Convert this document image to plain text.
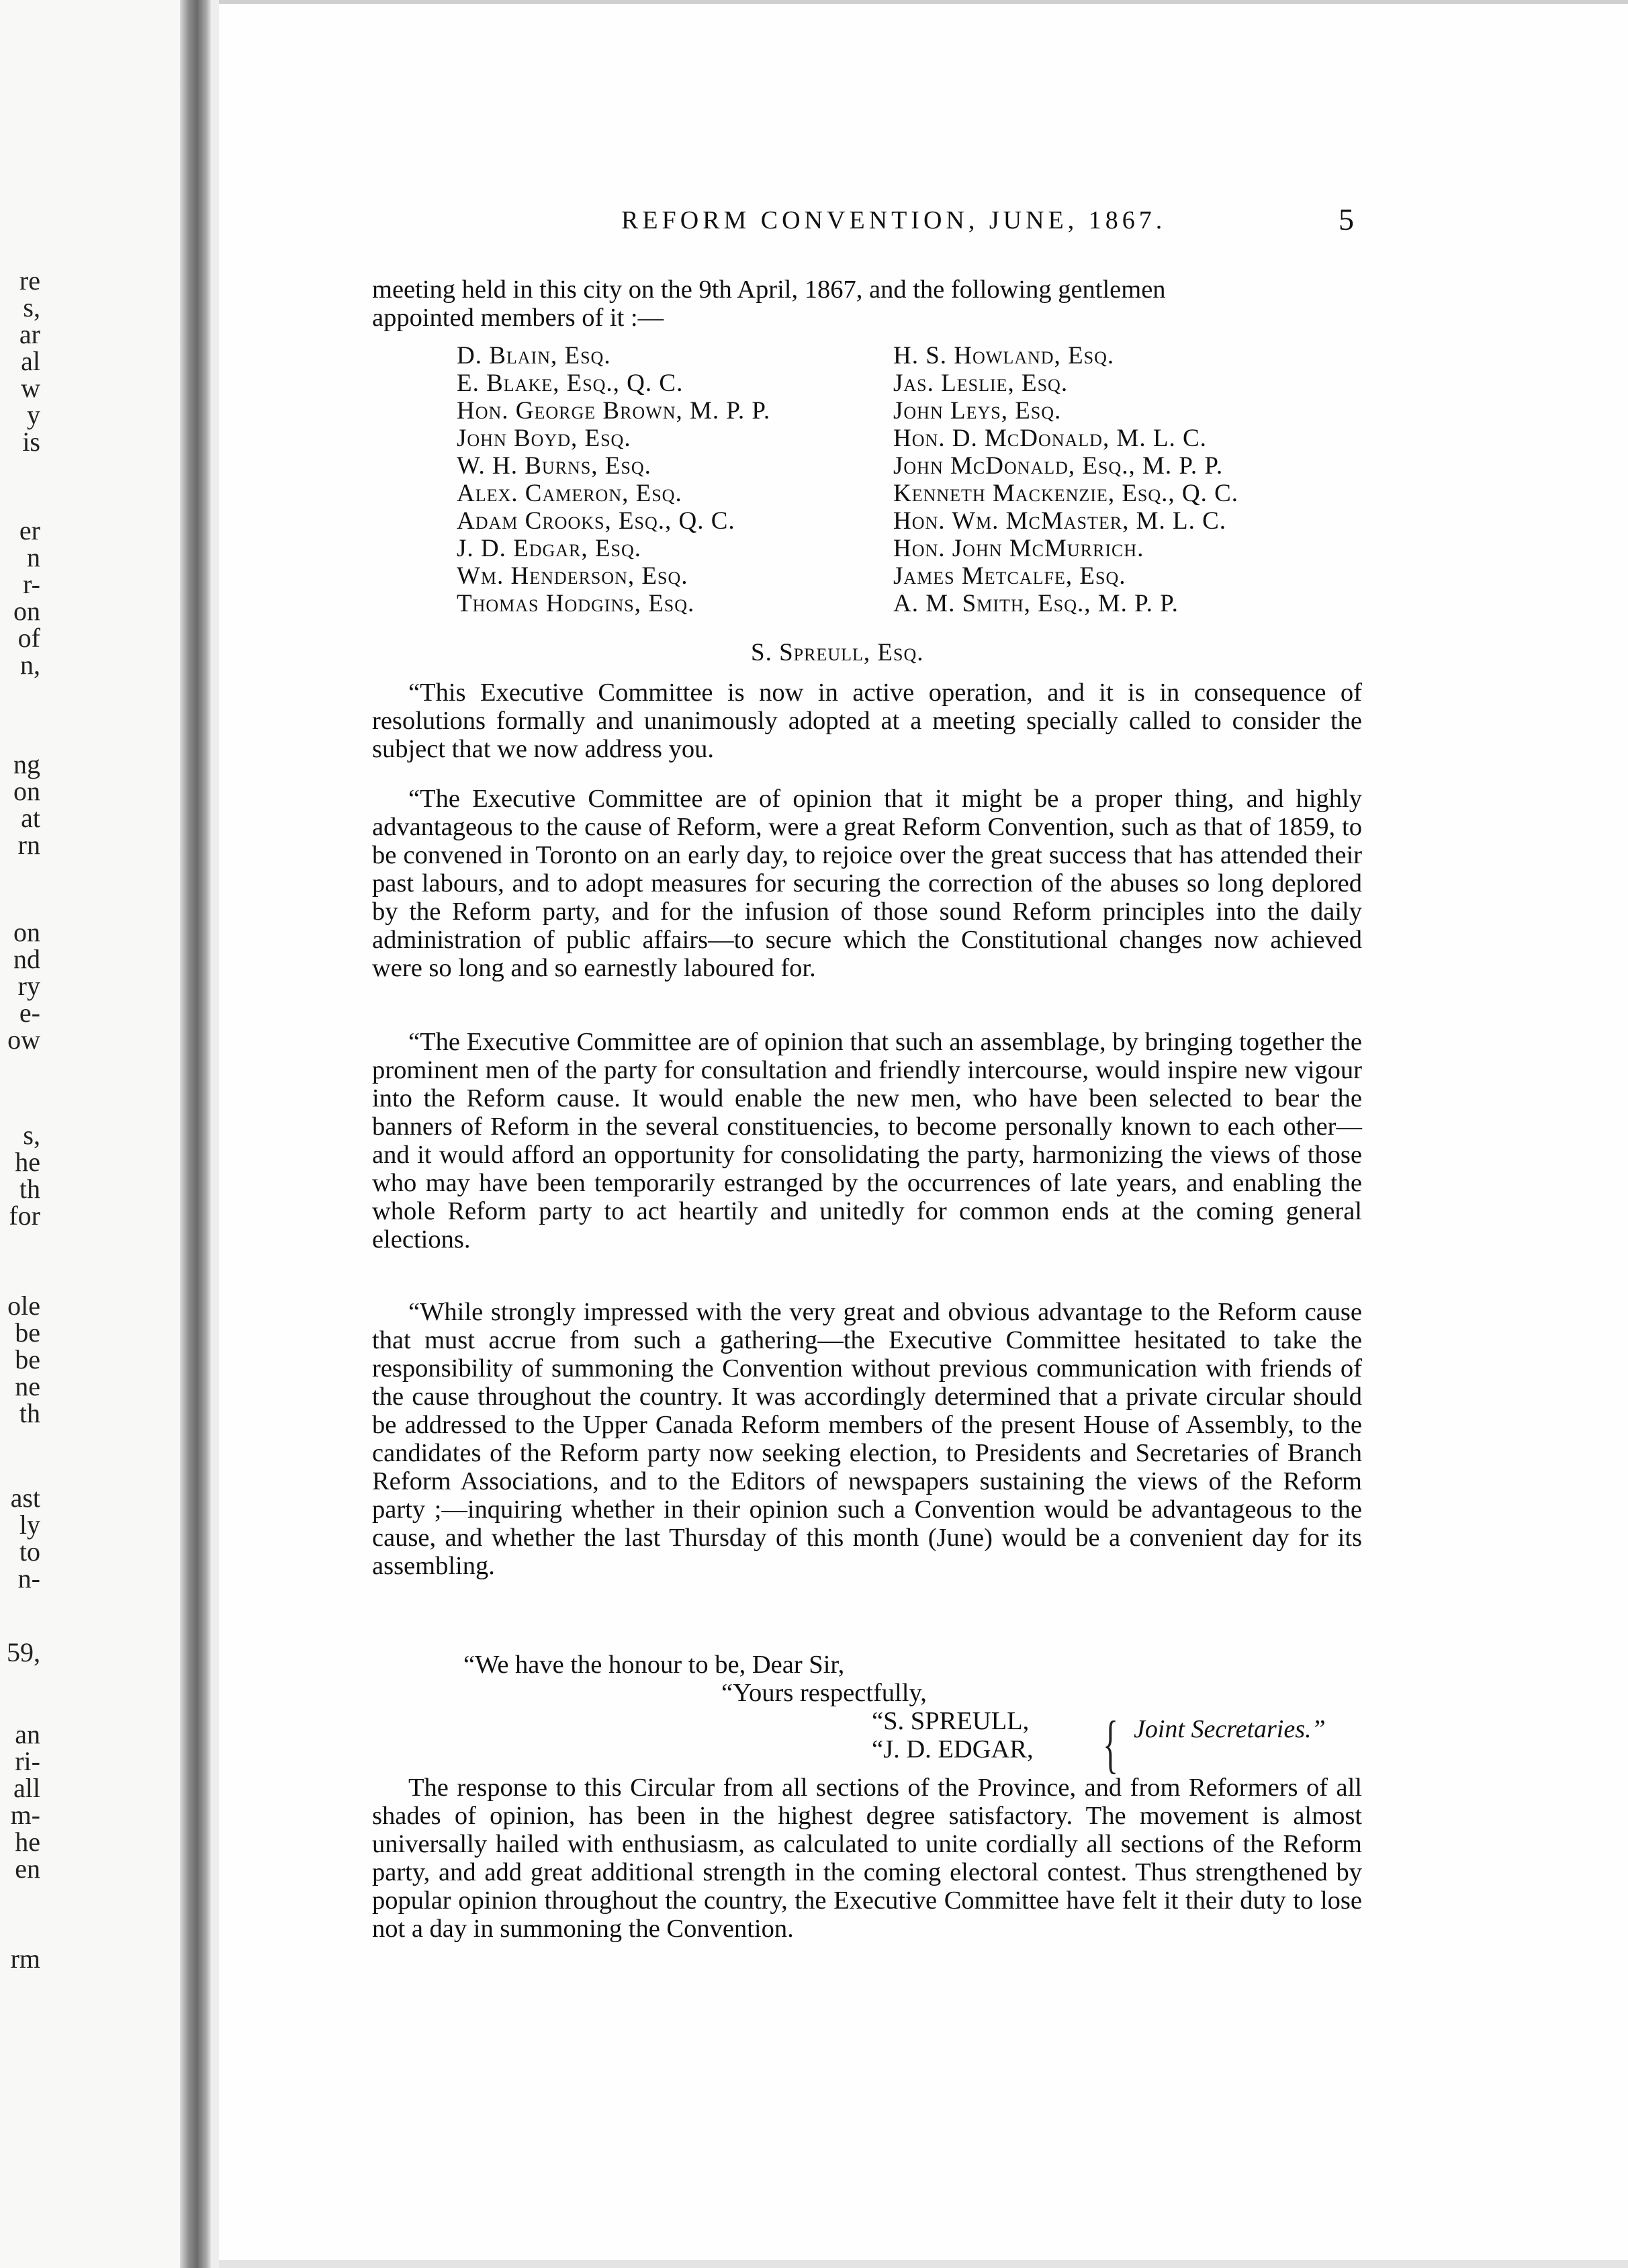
re
s,
ar
al
w
y
is
er
n
r-
on
of
n,
ng
on
at
rn
on
nd
ry
e-
ow
s,
he
th
for
ole
be
be
ne
th
ast
ly
to
n-
59,
an
ri-
all
m-
he
en
rm
REFORM CONVENTION, JUNE, 1867.	5
meeting held in this city on the 9th April, 1867, and the following gentlemen
appointed members of it :—
D. Blain, Esq.
E. Blake, Esq., Q. C.
Hon. George Brown, M. P. P.
John Boyd, Esq.
W. H. Burns, Esq.
Alex. Cameron, Esq.
Adam Crooks, Esq., Q. C.
J. D. Edgar, Esq.
Wm. Henderson, Esq.
Thomas Hodgins, Esq.
H. S. Howland, Esq.
Jas. Leslie, Esq.
John Leys, Esq.
Hon. D. McDonald, M. L. C.
John McDonald, Esq., M. P. P.
Kenneth Mackenzie, Esq., Q. C.
Hon. Wm. McMaster, M. L. C.
Hon. John McMurrich.
James Metcalfe, Esq.
A. M. Smith, Esq., M. P. P.
S. Spreull, Esq.
“This Executive Committee is now in active operation, and it is in consequence of resolutions formally and unanimously adopted at a meeting specially called to consider the subject that we now address you.
“The Executive Committee are of opinion that it might be a proper thing, and highly advantageous to the cause of Reform, were a great Reform Convention, such as that of 1859, to be convened in Toronto on an early day, to rejoice over the great success that has attended their past labours, and to adopt measures for securing the correction of the abuses so long deplored by the Reform party, and for the infusion of those sound Reform principles into the daily administration of public affairs—to secure which the Constitutional changes now achieved were so long and so earnestly laboured for.
“The Executive Committee are of opinion that such an assemblage, by bringing together the prominent men of the party for consultation and friendly intercourse, would inspire new vigour into the Reform cause. It would enable the new men, who have been selected to bear the banners of Reform in the several constituencies, to become personally known to each other—and it would afford an opportunity for consolidating the party, harmonizing the views of those who may have been temporarily estranged by the occurrences of late years, and enabling the whole Reform party to act heartily and unitedly for common ends at the coming general elections.
“While strongly impressed with the very great and obvious advantage to the Reform cause that must accrue from such a gathering—the Executive Committee hesitated to take the responsibility of summoning the Convention without previous communication with friends of the cause throughout the country. It was accordingly determined that a private circular should be addressed to the Upper Canada Reform members of the present House of Assembly, to the candidates of the Reform party now seeking election, to Presidents and Secretaries of Branch Reform Associations, and to the Editors of newspapers sustaining the views of the Reform party ;—inquiring whether in their opinion such a Convention would be advantageous to the cause, and whether the last Thursday of this month (June) would be a convenient day for its assembling.
“We have the honour to be, Dear Sir,
“Yours respectfully,
“S. SPREULL,
“J. D. EDGAR, { Joint Secretaries.”
The response to this Circular from all sections of the Province, and from Reformers of all shades of opinion, has been in the highest degree satisfactory. The movement is almost universally hailed with enthusiasm, as calculated to unite cordially all sections of the Reform party, and add great additional strength in the coming electoral contest. Thus strengthened by popular opinion throughout the country, the Executive Committee have felt it their duty to lose not a day in summoning the Convention.
